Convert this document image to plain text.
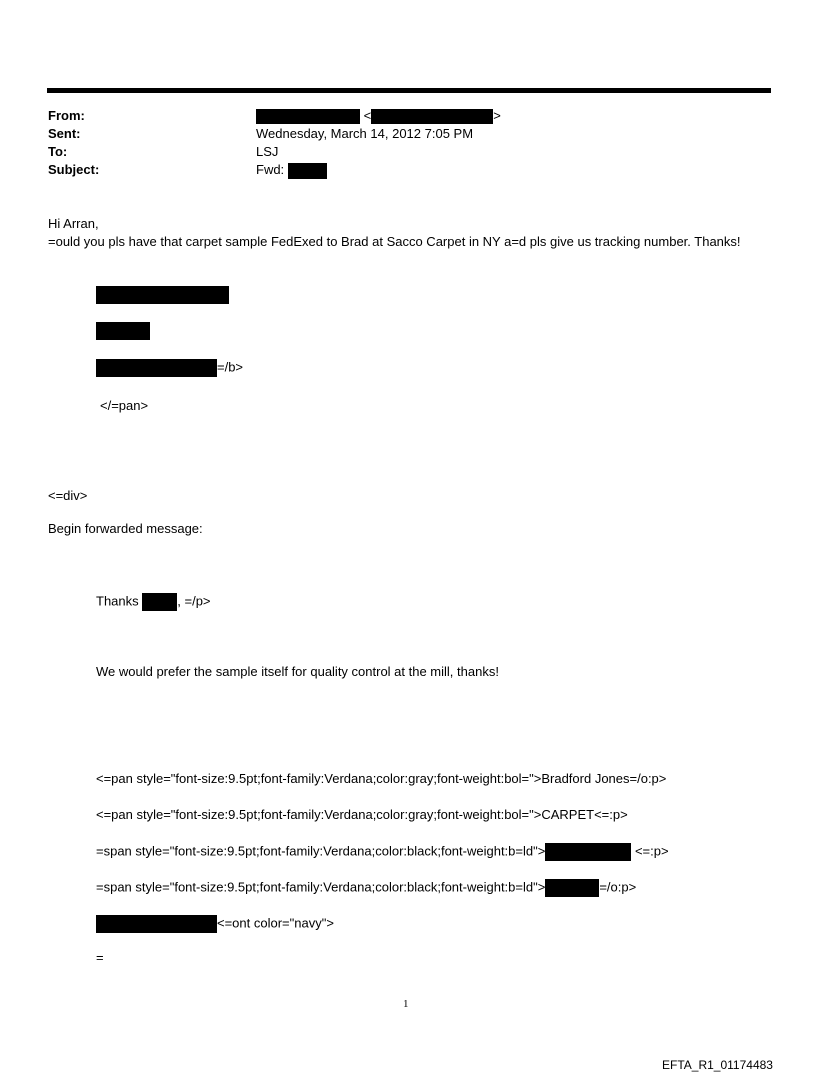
From:	<	>
Sent:	Wednesday, March 14, 2012 7:05 PM
To:	LSJ
Subject:	Fwd:
Hi Arran,
=ould you pls have that carpet sample FedExed to Brad at Sacco Carpet in NY a=d pls give us tracking number. Thanks!
=/b>
</=pan>
<=div>
Begin forwarded message:
Thanks	, =/p>
We would prefer the sample itself for quality control at the mill, thanks!
<=pan style="font-size:9.5pt;font-family:Verdana;color:gray;font-weight:bol=">Bradford Jones=/o:p>
<=pan style="font-size:9.5pt;font-family:Verdana;color:gray;font-weight:bol=">CARPET<=:p>
=span style="font-size:9.5pt;font-family:Verdana;color:black;font-weight:b=ld">	<=:p>
=span style="font-size:9.5pt;font-family:Verdana;color:black;font-weight:b=ld">	=/o:p>
<=ont color="navy">
=
1
EFTA_R1_01174483
